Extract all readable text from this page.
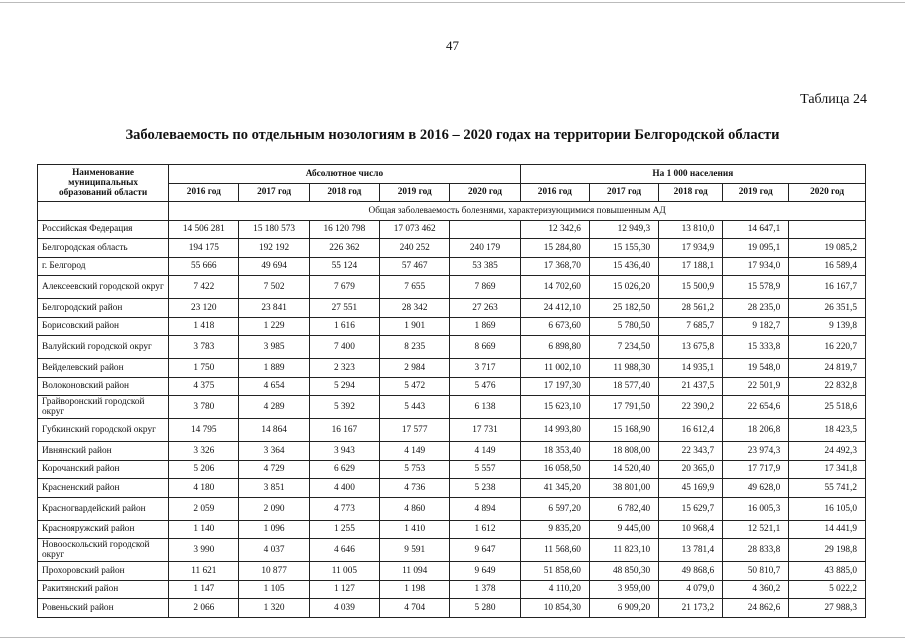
47
Таблица 24
Заболеваемость по отдельным нозологиям в 2016 – 2020 годах на территории Белгородской области
Наименование муниципальных образований области	Абсолютное число					На 1 000 населения				
	2016 год	2017 год	2018 год	2019 год	2020 год	2016 год	2017 год	2018 год	2019 год	2020 год
	Общая заболеваемость болезнями, характеризующимися повышенным АД									
Российская Федерация	14 506 281	15 180 573	16 120 798	17 073 462		12 342,6	12 949,3	13 810,0	14 647,1	
Белгородская область	194 175	192 192	226 362	240 252	240 179	15 284,80	15 155,30	17 934,9	19 095,1	19 085,2
г. Белгород	55 666	49 694	55 124	57 467	53 385	17 368,70	15 436,40	17 188,1	17 934,0	16 589,4
Алексеевский городской округ	7 422	7 502	7 679	7 655	7 869	14 702,60	15 026,20	15 500,9	15 578,9	16 167,7
Белгородский район	23 120	23 841	27 551	28 342	27 263	24 412,10	25 182,50	28 561,2	28 235,0	26 351,5
Борисовский район	1 418	1 229	1 616	1 901	1 869	6 673,60	5 780,50	7 685,7	9 182,7	9 139,8
Валуйский городской округ	3 783	3 985	7 400	8 235	8 669	6 898,80	7 234,50	13 675,8	15 333,8	16 220,7
Вейделевский район	1 750	1 889	2 323	2 984	3 717	11 002,10	11 988,30	14 935,1	19 548,0	24 819,7
Волоконовский район	4 375	4 654	5 294	5 472	5 476	17 197,30	18 577,40	21 437,5	22 501,9	22 832,8
Грайворонский городской округ	3 780	4 289	5 392	5 443	6 138	15 623,10	17 791,50	22 390,2	22 654,6	25 518,6
Губкинский городской округ	14 795	14 864	16 167	17 577	17 731	14 993,80	15 168,90	16 612,4	18 206,8	18 423,5
Ивнянский район	3 326	3 364	3 943	4 149	4 149	18 353,40	18 808,00	22 343,7	23 974,3	24 492,3
Корочанский район	5 206	4 729	6 629	5 753	5 557	16 058,50	14 520,40	20 365,0	17 717,9	17 341,8
Красненский район	4 180	3 851	4 400	4 736	5 238	41 345,20	38 801,00	45 169,9	49 628,0	55 741,2
Красногвардейский район	2 059	2 090	4 773	4 860	4 894	6 597,20	6 782,40	15 629,7	16 005,3	16 105,0
Краснояружский район	1 140	1 096	1 255	1 410	1 612	9 835,20	9 445,00	10 968,4	12 521,1	14 441,9
Новооскольский городской округ	3 990	4 037	4 646	9 591	9 647	11 568,60	11 823,10	13 781,4	28 833,8	29 198,8
Прохоровский район	11 621	10 877	11 005	11 094	9 649	51 858,60	48 850,30	49 868,6	50 810,7	43 885,0
Ракитянский район	1 147	1 105	1 127	1 198	1 378	4 110,20	3 959,00	4 079,0	4 360,2	5 022,2
Ровеньский район	2 066	1 320	4 039	4 704	5 280	10 854,30	6 909,20	21 173,2	24 862,6	27 988,3
